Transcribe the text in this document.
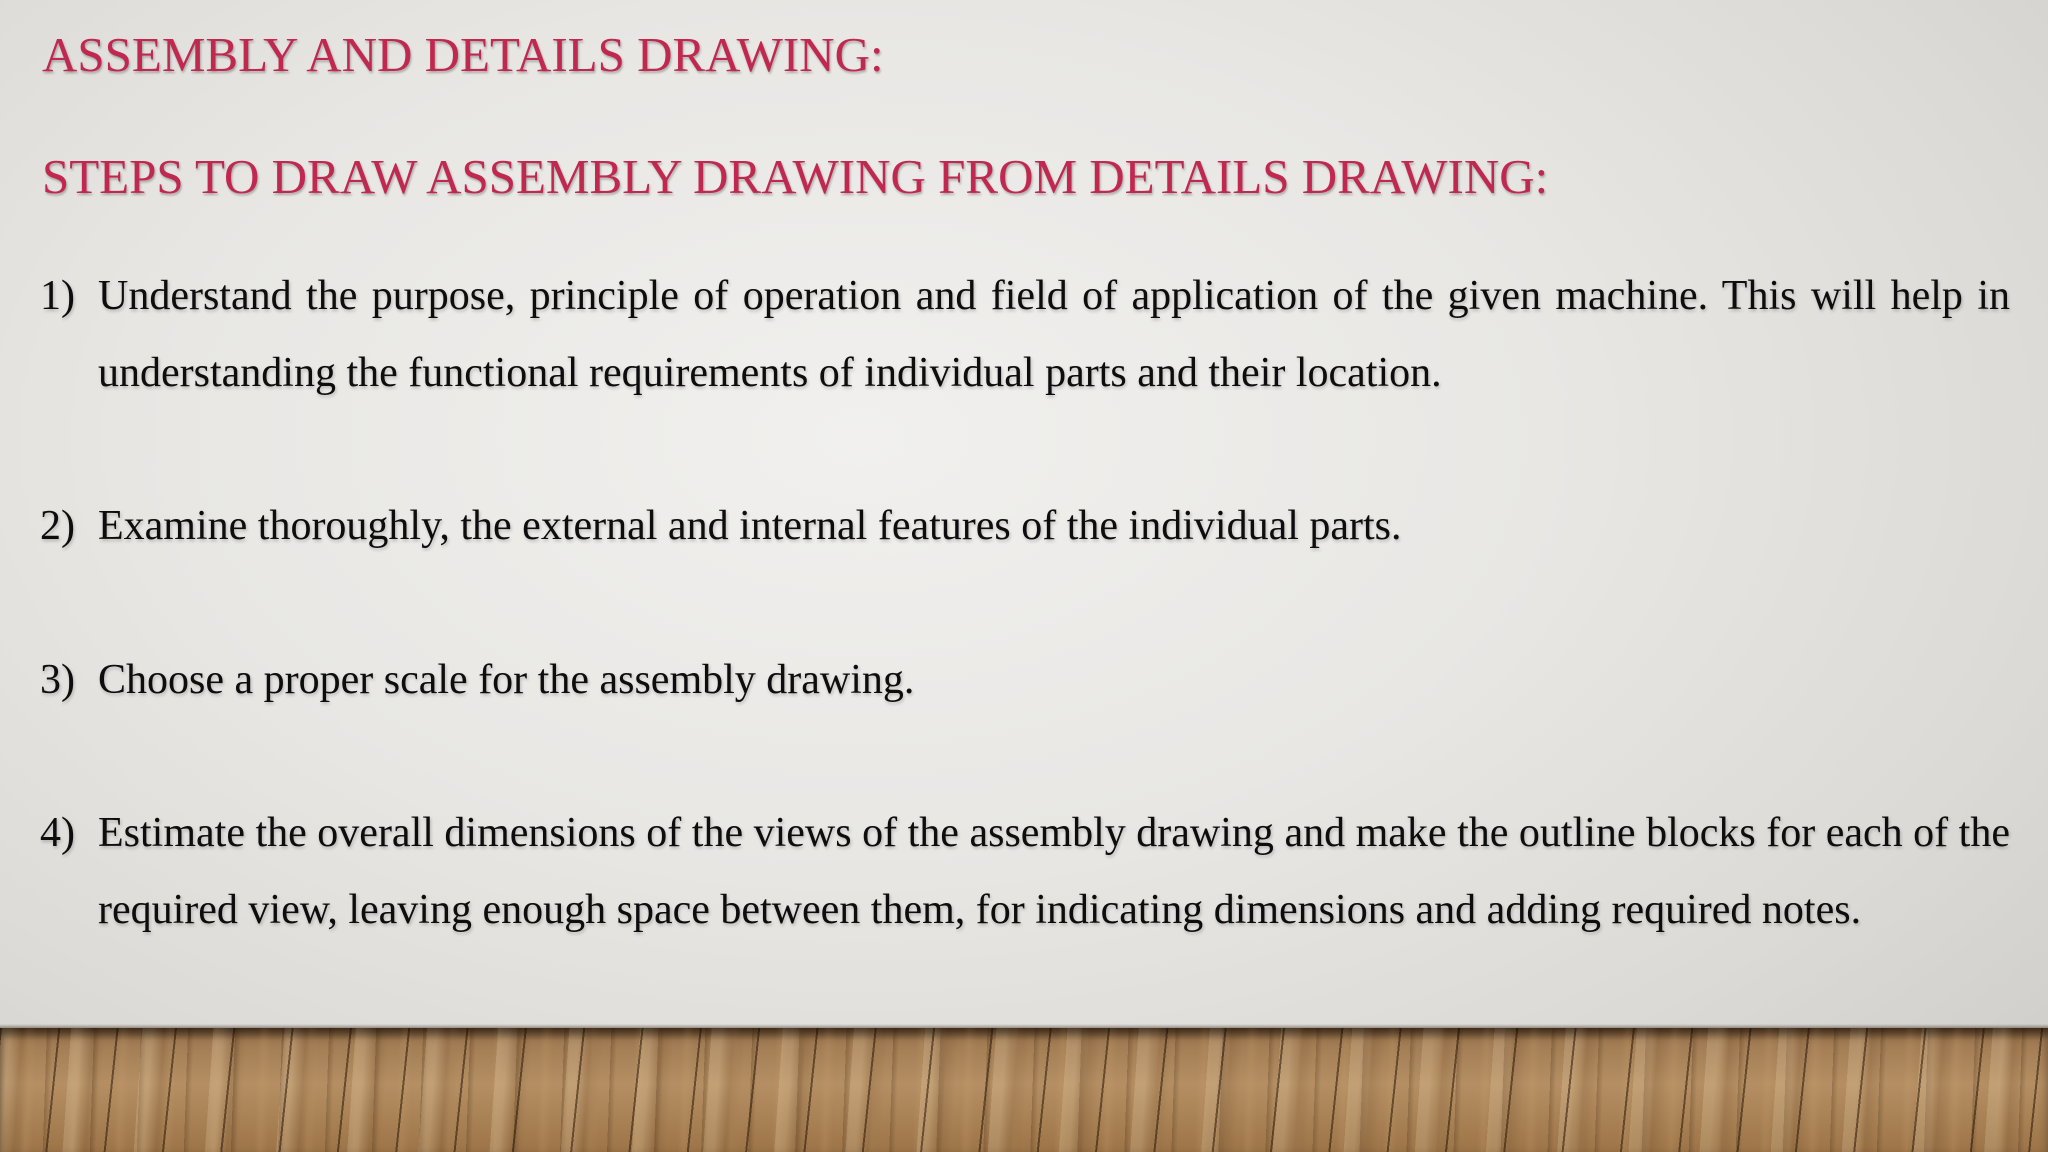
ASSEMBLY AND DETAILS DRAWING:
STEPS TO DRAW ASSEMBLY DRAWING FROM DETAILS DRAWING:
1) Understand the purpose, principle of operation and field of application of the given machine. This will help in understanding the functional requirements of individual parts and their location.
2) Examine thoroughly, the external and internal features of the individual parts.
3) Choose a proper scale for the assembly drawing.
4) Estimate the overall dimensions of the views of the assembly drawing and make the outline blocks for each of the required view, leaving enough space between them, for indicating dimensions and adding required notes.
